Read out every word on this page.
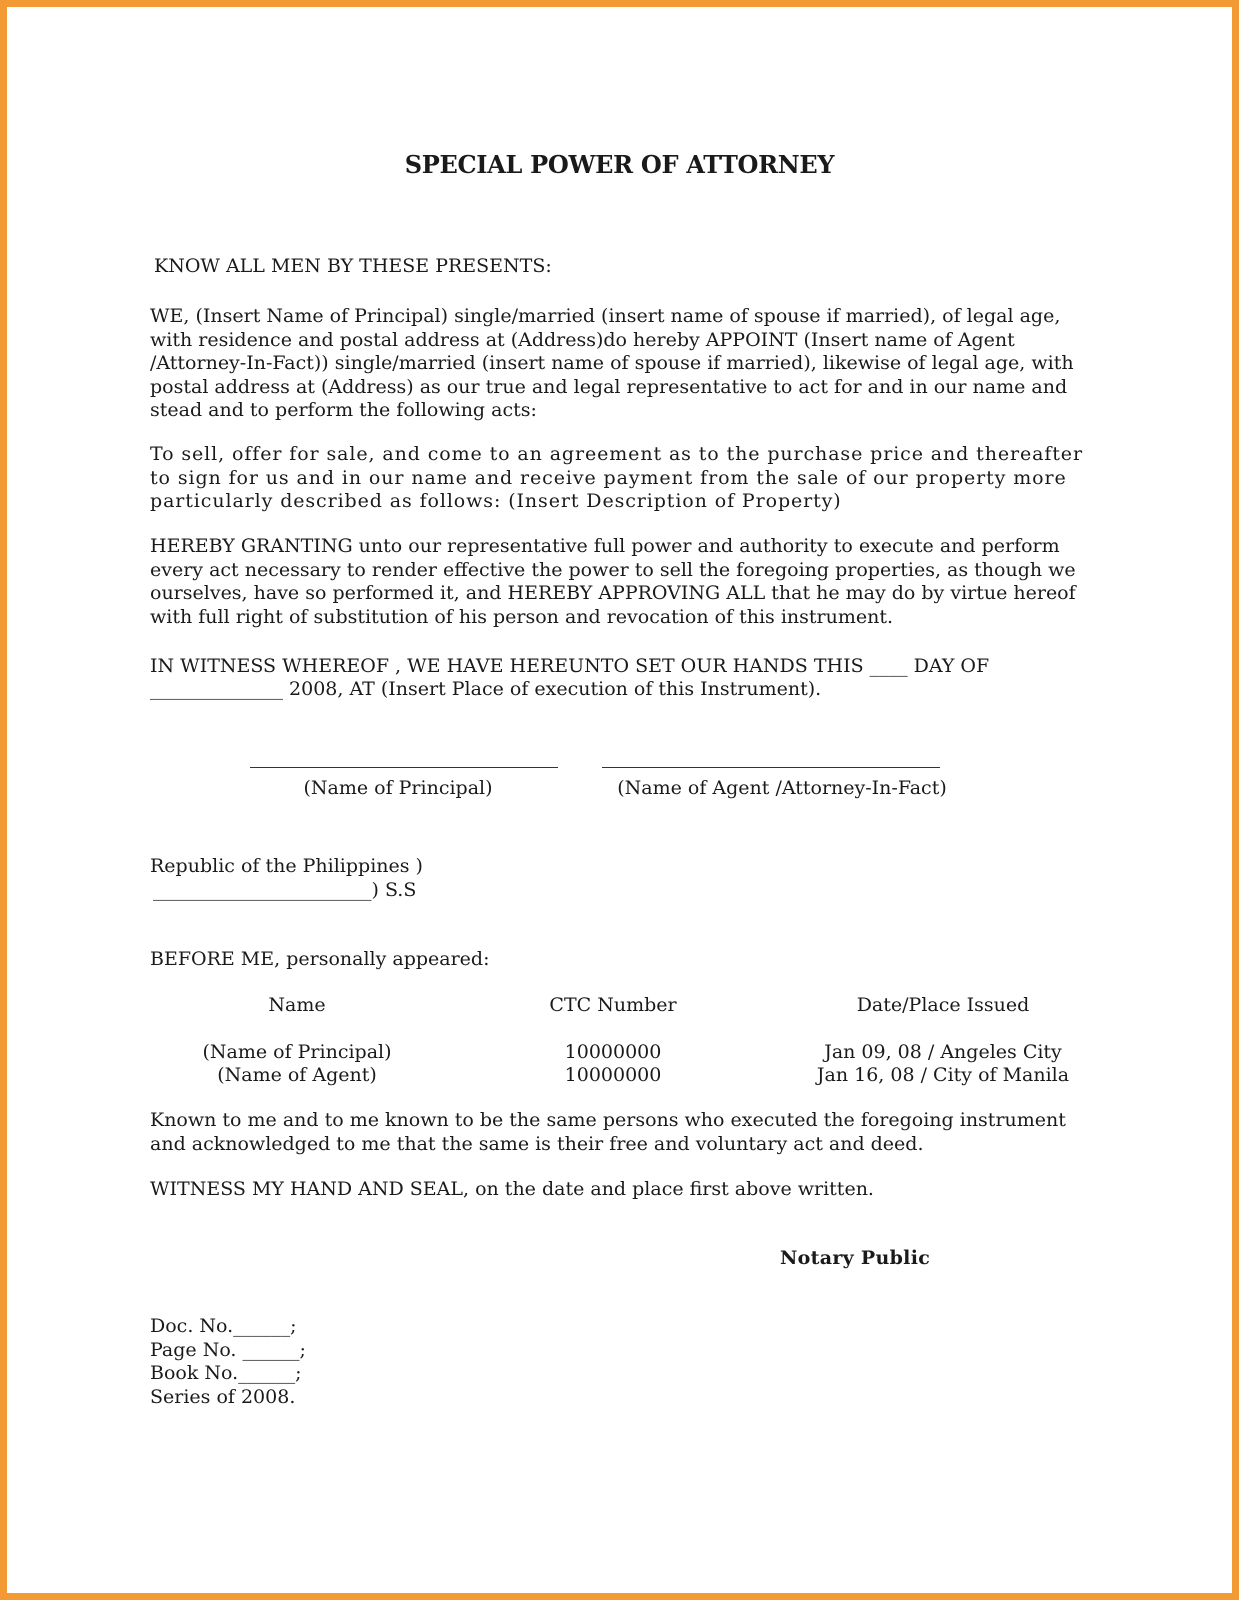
SPECIAL POWER OF ATTORNEY
KNOW ALL MEN BY THESE PRESENTS:

WE, (Insert Name of Principal) single/married (insert name of spouse if married), of legal age, with residence and postal address at (Address)do hereby APPOINT (Insert name of Agent /Attorney-In-Fact)) single/married (insert name of spouse if married), likewise of legal age, with postal address at (Address) as our true and legal representative to act for and in our name and stead and to perform the following acts:

To sell, offer for sale, and come to an agreement as to the purchase price and thereafter to sign for us and in our name and receive payment from the sale of our property more particularly described as follows: (Insert Description of Property)

HEREBY GRANTING unto our representative full power and authority to execute and perform every act necessary to render effective the power to sell the foregoing properties, as though we ourselves, have so performed it, and HEREBY APPROVING ALL that he may do by virtue hereof with full right of substitution of his person and revocation of this instrument.

IN WITNESS WHEREOF , WE HAVE HEREUNTO SET OUR HANDS THIS ____ DAY OF
______________ 2008, AT (Insert Place of execution of this Instrument).
(Name of Principal)	(Name of Agent /Attorney-In-Fact)
Republic of the Philippines )
_______________________) S.S
BEFORE ME, personally appeared:
Name	CTC Number	Date/Place Issued
(Name of Principal)	10000000	Jan 09, 08 / Angeles City
(Name of Agent)	10000000	Jan 16, 08 / City of Manila

Known to me and to me known to be the same persons who executed the foregoing instrument and acknowledged to me that the same is their free and voluntary act and deed.

WITNESS MY HAND AND SEAL, on the date and place first above written.
Notary Public
Doc. No.______;
Page No. ______;
Book No.______;
Series of 2008.
